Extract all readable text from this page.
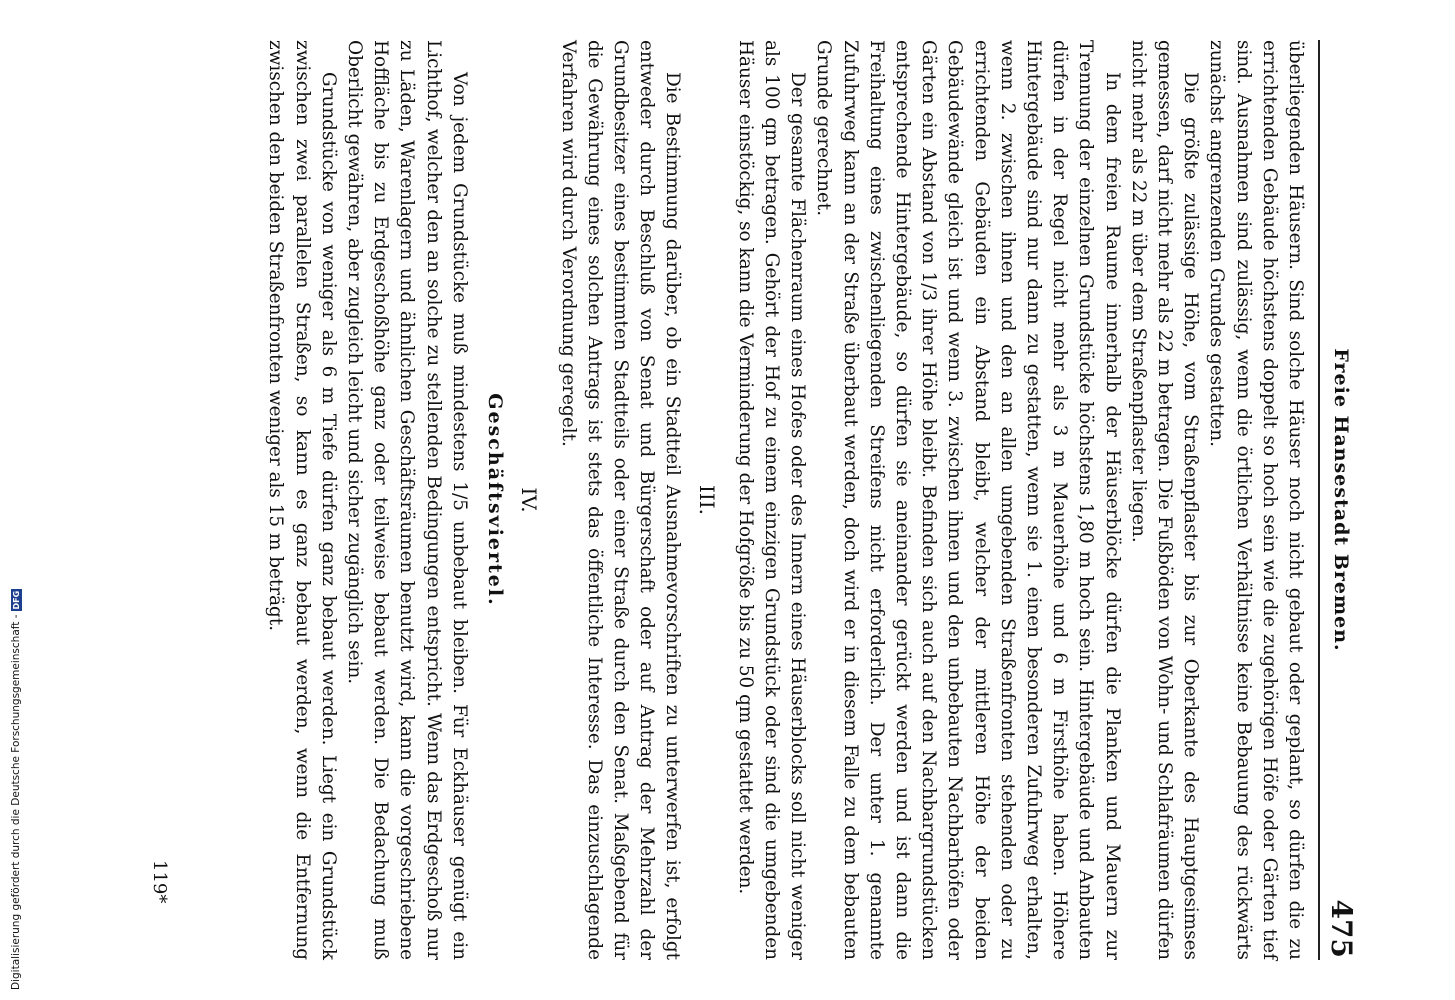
Freie Hansestadt Bremen.
475

überliegenden Häusern. Sind solche Häuser noch nicht gebaut oder geplant, so dürfen die zu errichtenden Gebäude höchstens doppelt so hoch sein wie die zugehörigen Höfe oder Gärten tief sind. Ausnahmen sind zulässig, wenn die örtlichen Verhältnisse keine Bebauung des rückwärts zunächst angrenzenden Grundes gestatten.

Die größte zulässige Höhe, vom Straßenpflaster bis zur Oberkante des Hauptgesimses gemessen, darf nicht mehr als 22 m betragen. Die Fußböden von Wohn- und Schlafräumen dürfen nicht mehr als 22 m über dem Straßenpflaster liegen.

In dem freien Raume innerhalb der Häuserblöcke dürfen die Planken und Mauern zur Trennung der einzelnen Grundstücke höchstens 1,80 m hoch sein. Hintergebäude und Anbauten dürfen in der Regel nicht mehr als 3 m Mauerhöhe und 6 m Firsthöhe haben. Höhere Hintergebäude sind nur dann zu gestatten, wenn sie 1. einen besonderen Zufuhrweg erhalten, wenn 2. zwischen ihnen und den an allen umgebenden Straßenfronten stehenden oder zu errichtenden Gebäuden ein Abstand bleibt, welcher der mittleren Höhe der beiden Gebäudewände gleich ist und wenn 3. zwischen ihnen und den unbebauten Nachbarhöfen oder Gärten ein Abstand von 1/3 ihrer Höhe bleibt. Befinden sich auch auf den Nachbargrundstücken entsprechende Hintergebäude, so dürfen sie aneinander gerückt werden und ist dann die Freihaltung eines zwischenliegenden Streifens nicht erforderlich. Der unter 1. genannte Zufuhrweg kann an der Straße überbaut werden, doch wird er in diesem Falle zu dem bebauten Grunde gerechnet.

Der gesamte Flächenraum eines Hofes oder des Innern eines Häuserblocks soll nicht weniger als 100 qm betragen. Gehört der Hof zu einem einzigen Grundstück oder sind die umgebenden Häuser einstöckig, so kann die Verminderung der Hofgröße bis zu 50 qm gestattet werden.

III.

Die Bestimmung darüber, ob ein Stadtteil Ausnahmevorschriften zu unterwerfen ist, erfolgt entweder durch Beschluß von Senat und Bürgerschaft oder auf Antrag der Mehrzahl der Grundbesitzer eines bestimmten Stadtteils oder einer Straße durch den Senat. Maßgebend für die Gewährung eines solchen Antrags ist stets das öffentliche Interesse. Das einzuschlagende Verfahren wird durch Verordnung geregelt.

IV.
Geschäftsviertel.

Von jedem Grundstücke muß mindestens 1/5 unbebaut bleiben. Für Eckhäuser genügt ein Lichthof, welcher den an solche zu stellenden Bedingungen entspricht. Wenn das Erdgeschoß nur zu Läden, Warenlagern und ähnlichen Geschäftsräumen benutzt wird, kann die vorgeschriebene Hoffläche bis zu Erdgeschoßhöhe ganz oder teilweise bebaut werden. Die Bedachung muß Oberlicht gewähren, aber zugleich leicht und sicher zugänglich sein.

Grundstücke von weniger als 6 m Tiefe dürfen ganz bebaut werden. Liegt ein Grundstück zwischen zwei parallelen Straßen, so kann es ganz bebaut werden, wenn die Entfernung zwischen den beiden Straßenfronten weniger als 15 m beträgt.

119*
Digitalisierung gefördert durch die Deutsche Forschungsgemeinschaft -
DFG
